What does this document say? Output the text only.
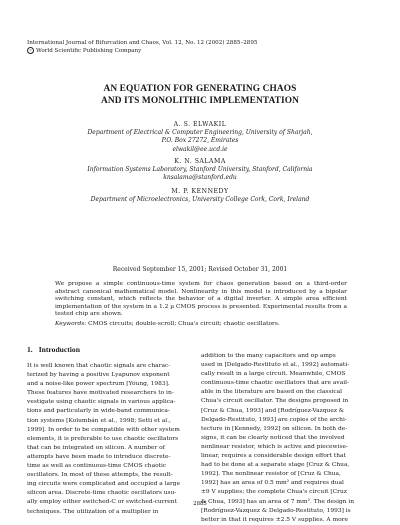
International Journal of Bifurcation and Chaos, Vol. 12, No. 12 (2002) 2885–2895
c World Scientific Publishing Company
AN EQUATION FOR GENERATING CHAOS
AND ITS MONOLITHIC IMPLEMENTATION
A. S. ELWAKIL
Department of Electrical & Computer Engineering, University of Sharjah,
P.O. Box 27272, Emirates
elwakil@ee.ucd.ie
K. N. SALAMA
Information Systems Laboratory, Stanford University, Stanford, California
knsalama@stanford.edu
M. P. KENNEDY
Department of Microelectronics, University College Cork, Cork, Ireland
Received September 15, 2001; Revised October 31, 2001
We propose a simple continuous-time system for chaos generation based on a third-order abstract canonical mathematical model. Nonlinearity in this model is introduced by a bipolar switching constant, which reflects the behavior of a digital inverter. A simple area efficient implementation of the system in a 1.2 µ CMOS process is presented. Experimental results from a tested chip are shown.
Keywords: CMOS circuits; double-scroll; Chua's circuit; chaotic oscillators.
1. Introduction
It is well known that chaotic signals are charac-
terized by having a positive Lyapunov exponent
and a noise-like power spectrum [Young, 1983].
These features have motivated researchers to in-
vestigate using chaotic signals in various applica-
tions and particularly in wide-band communica-
tion systems [Kolumbán et al., 1998; Setti et al.,
1999]. In order to be compatible with other system
elements, it is preferable to use chaotic oscillators
that can be integrated on silicon. A number of
attempts have been made to introduce discrete-
time as well as continuous-time CMOS chaotic
oscillators. In most of these attempts, the result-
ing circuits were complicated and occupied a large
silicon area. Discrete-time chaotic oscillators usu-
ally employ either switched-C or switched-current
techniques. The utilization of a multiplier in
addition to the many capacitors and op amps
used in [Delgado-Restituto et al., 1992] automati-
cally result in a large circuit. Meanwhile, CMOS
continuous-time chaotic oscillators that are avail-
able in the literature are based on the classical
Chua's circuit oscillator. The designs proposed in
[Cruz & Chua, 1993] and [Rodríguez-Vazquez &
Delgado-Restituto, 1993] are copies of the archi-
tecture in [Kennedy, 1992] on silicon. In both de-
signs, it can be clearly noticed that the involved
nonlinear resistor, which is active and piecewise-
linear, requires a considerable design effort that
had to be done at a separate stage [Cruz & Chua,
1992]. The nonlinear resistor of [Cruz & Chua,
1992] has an area of 0.5 mm² and requires dual
±9 V supplies; the complete Chua's circuit [Cruz
& Chua, 1993] has an area of 7 mm². The design in
[Rodríguez-Vazquez & Delgado-Restituto, 1993] is
better in that it requires ±2.5 V supplies. A more
2885
